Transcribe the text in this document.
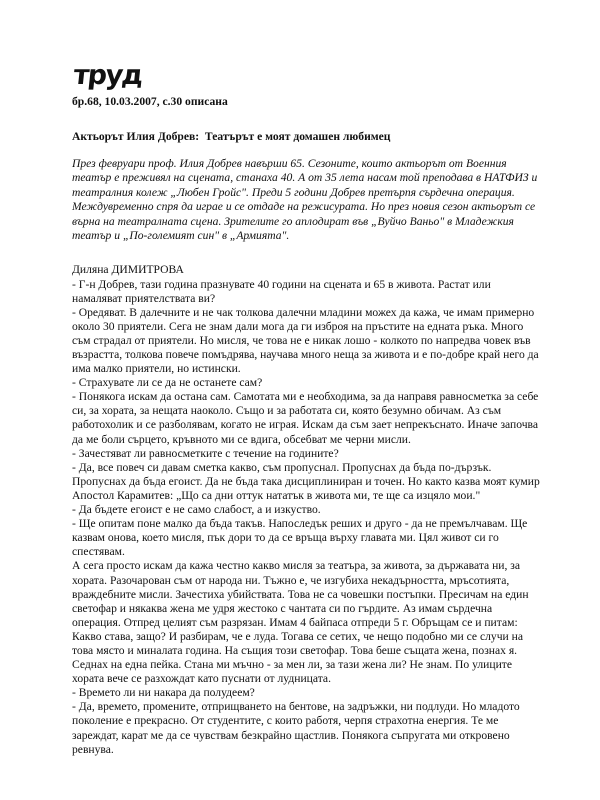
труд
бр.68, 10.03.2007, с.30 описана
Актьорът Илия Добрев:  Театърът е моят домашен любимец
През февруари проф. Илия Добрев навърши 65. Сезоните, които актьорът от Военния театър е преживял на сцената, станаха 40. А от 35 лета насам той преподава в НАТФИЗ и театралния колеж „Любен Гройс". Преди 5 години Добрев претърпя сърдечна операция. Междувременно спря да играе и се отдаде на режисурата. Но през новия сезон актьорът се върна на театралната сцена. Зрителите го аплодират във „Вуйчо Ваньо" в Младежкия театър и „По-големият син" в „Армията".

Диляна ДИМИТРОВА

- Г-н Добрев, тази година празнувате 40 години на сцената и 65 в живота. Растат или намаляват приятелствата ви?

- Оредяват. В далечните и не чак толкова далечни младини можех да кажа, че имам примерно около 30 приятели. Сега не знам дали мога да ги изброя на пръстите на едната ръка. Много съм страдал от приятели. Но мисля, че това не е никак лошо - колкото по напредва човек във възрастта, толкова повече помъдрява, научава много неща за живота и е по-добре край него да има малко приятели, но истински.

- Страхувате ли се да не останете сам?

- Понякога искам да остана сам. Самотата ми е необходима, за да направя равносметка за себе си, за хората, за нещата наоколо. Също и за работата си, която безумно обичам. Аз съм работохолик и се разболявам, когато не играя. Искам да съм зает непрекъснато. Иначе започва да ме боли сърцето, кръвното ми се вдига, обсебват ме черни мисли.

- Зачестяват ли равносметките с течение на годините?

- Да, все повеч си давам сметка какво, съм пропуснал. Пропуснах да бъда по-дързък. Пропуснах да бъда егоист. Да не бъда така дисциплиниран и точен. Но както казва моят кумир Апостол Карамитев: „Що са дни оттук нататък в живота ми, те ще са изцяло мои."

- Да бъдете егоист е не само слабост, а и изкуство.

- Ще опитам поне малко да бъда такъв. Напоследък реших и друго - да не премълчавам. Ще казвам онова, което мисля, пък дори то да се връща върху главата ми. Цял живот си го спестявам.

А сега просто искам да кажа честно какво мисля за театъра, за живота, за държавата ни, за хората. Разочарован съм от народа ни. Тъжно е, че изгубиха некадърността, мръсотията, враждебните мисли. Зачестиха убийствата. Това не са човешки постъпки. Пресичам на един светофар и някаква жена ме удря жестоко с чантата си по гърдите. Аз имам сърдечна операция. Отпред целият съм разрязан. Имам 4 байпаса отпреди 5 г. Обръщам се и питам: Какво става, защо? И разбирам, че е луда. Тогава се сетих, че нещо подобно ми се случи на това място и миналата година. На същия този светофар. Това беше същата жена, познах я. Седнах на една пейка. Стана ми мъчно - за мен ли, за тази жена ли? Не знам. По улиците хората вече се разхождат като пуснати от лудницата.

- Времето ли ни накара да полудеем?

- Да, времето, промените, отприщването на бентове, на задръжки, ни подлуди. Но младото поколение е прекрасно. От студентите, с които работя, черпя страхотна енергия. Те ме зареждат, карат ме да се чувствам безкрайно щастлив. Понякога съпругата ми откровено ревнува.
